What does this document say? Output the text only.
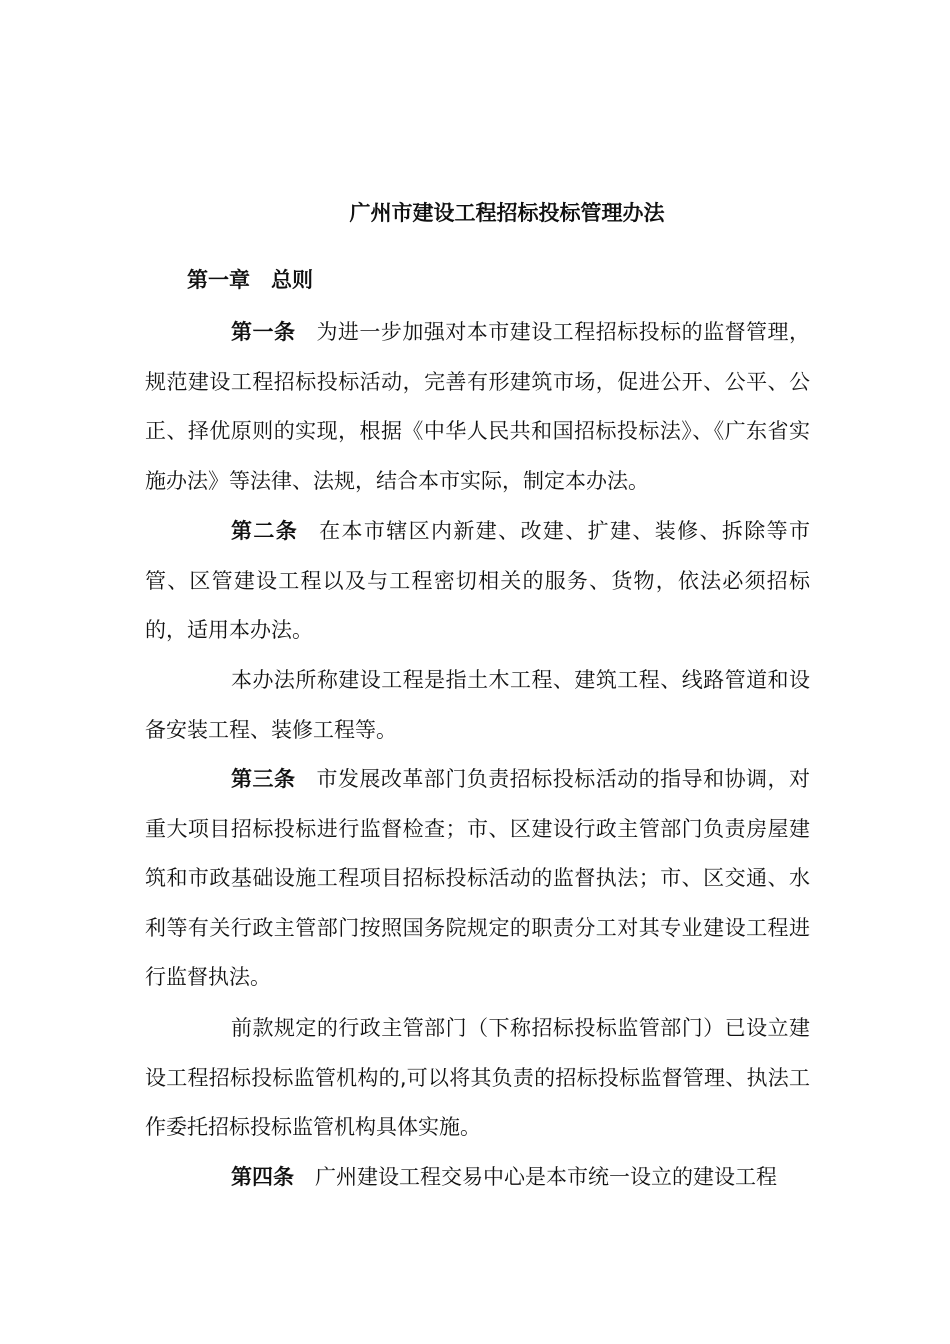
广州市建设工程招标投标管理办法
第一章　总则

第一条 为进一步加强对本市建设工程招标投标的监督管理，规范建设工程招标投标活动，完善有形建筑市场，促进公开、公平、公正、择优原则的实现，根据《中华人民共和国招标投标法》、《广东省实施办法》等法律、法规，结合本市实际，制定本办法。

第二条 在本市辖区内新建、改建、扩建、装修、拆除等市管、区管建设工程以及与工程密切相关的服务、货物，依法必须招标的，适用本办法。

本办法所称建设工程是指土木工程、建筑工程、线路管道和设备安装工程、装修工程等。

第三条 市发展改革部门负责招标投标活动的指导和协调，对重大项目招标投标进行监督检查；市、区建设行政主管部门负责房屋建筑和市政基础设施工程项目招标投标活动的监督执法；市、区交通、水利等有关行政主管部门按照国务院规定的职责分工对其专业建设工程进行监督执法。

前款规定的行政主管部门（下称招标投标监管部门）已设立建设工程招标投标监管机构的,可以将其负责的招标投标监督管理、执法工作委托招标投标监管机构具体实施。

第四条 广州建设工程交易中心是本市统一设立的建设工程
